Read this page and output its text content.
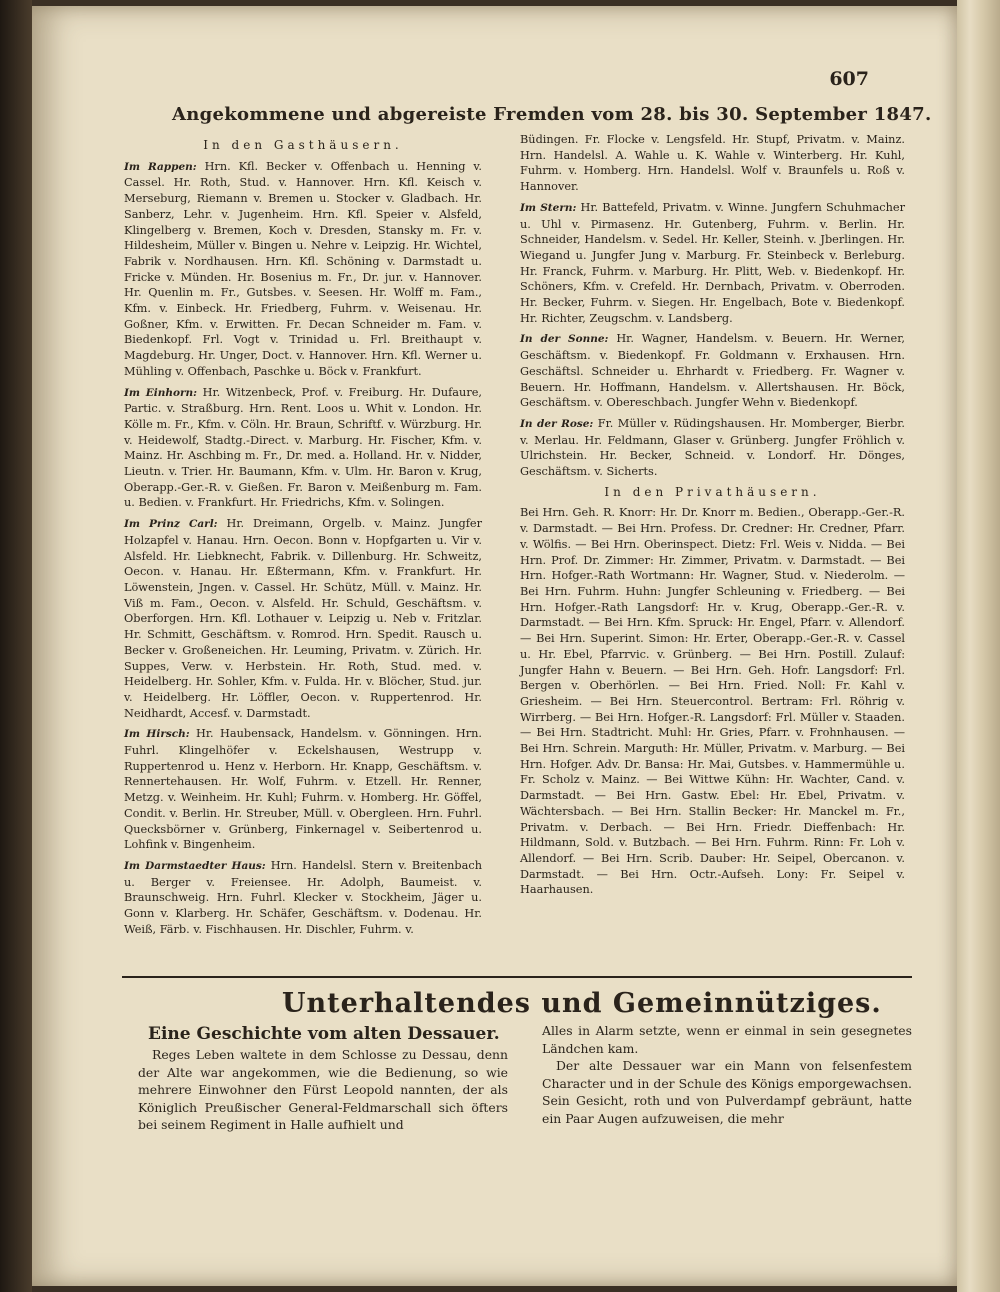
607
Angekommene und abgereiste Fremden vom 28. bis 30. September 1847.
In den Gasthäusern.
Im Rappen: Hrn. Kfl. Becker v. Offenbach u. Henning v. Cassel. Hr. Roth, Stud. v. Hannover. Hrn. Kfl. Keisch v. Merseburg, Riemann v. Bremen u. Stocker v. Gladbach. Hr. Sanberz, Lehr. v. Jugenheim. Hrn. Kfl. Speier v. Alsfeld, Klingelberg v. Bremen, Koch v. Dresden, Stansky m. Fr. v. Hildesheim, Müller v. Bingen u. Nehre v. Leipzig. Hr. Wichtel, Fabrik v. Nordhausen. Hrn. Kfl. Schöning v. Darmstadt u. Fricke v. Münden. Hr. Bosenius m. Fr., Dr. jur. v. Hannover. Hr. Quenlin m. Fr., Gutsbes. v. Seesen. Hr. Wolff m. Fam., Kfm. v. Einbeck. Hr. Friedberg, Fuhrm. v. Weisenau. Hr. Goßner, Kfm. v. Erwitten. Fr. Decan Schneider m. Fam. v. Biedenkopf. Frl. Vogt v. Trinidad u. Frl. Breithaupt v. Magdeburg. Hr. Unger, Doct. v. Hannover. Hrn. Kfl. Werner u. Mühling v. Offenbach, Paschke u. Böck v. Frankfurt.
Im Einhorn: Hr. Witzenbeck, Prof. v. Freiburg. Hr. Dufaure, Partic. v. Straßburg. Hrn. Rent. Loos u. Whit v. London. Hr. Kölle m. Fr., Kfm. v. Cöln. Hr. Braun, Schriftf. v. Würzburg. Hr. v. Heidewolf, Stadtg.-Direct. v. Marburg. Hr. Fischer, Kfm. v. Mainz. Hr. Aschbing m. Fr., Dr. med. a. Holland. Hr. v. Nidder, Lieutn. v. Trier. Hr. Baumann, Kfm. v. Ulm. Hr. Baron v. Krug, Oberapp.-Ger.-R. v. Gießen. Fr. Baron v. Meißenburg m. Fam. u. Bedien. v. Frankfurt. Hr. Friedrichs, Kfm. v. Solingen.
Im Prinz Carl: Hr. Dreimann, Orgelb. v. Mainz. Jungfer Holzapfel v. Hanau. Hrn. Oecon. Bonn v. Hopfgarten u. Vir v. Alsfeld. Hr. Liebknecht, Fabrik. v. Dillenburg. Hr. Schweitz, Oecon. v. Hanau. Hr. Eßtermann, Kfm. v. Frankfurt. Hr. Löwenstein, Jngen. v. Cassel. Hr. Schütz, Müll. v. Mainz. Hr. Viß m. Fam., Oecon. v. Alsfeld. Hr. Schuld, Geschäftsm. v. Oberforgen. Hrn. Kfl. Lothauer v. Leipzig u. Neb v. Fritzlar. Hr. Schmitt, Geschäftsm. v. Romrod. Hrn. Spedit. Rausch u. Becker v. Großeneichen. Hr. Leuming, Privatm. v. Zürich. Hr. Suppes, Verw. v. Herbstein. Hr. Roth, Stud. med. v. Heidelberg. Hr. Sohler, Kfm. v. Fulda. Hr. v. Blöcher, Stud. jur. v. Heidelberg. Hr. Löffler, Oecon. v. Ruppertenrod. Hr. Neidhardt, Accesf. v. Darmstadt.
Im Hirsch: Hr. Haubensack, Handelsm. v. Gönningen. Hrn. Fuhrl. Klingelhöfer v. Eckelshausen, Westrupp v. Ruppertenrod u. Henz v. Herborn. Hr. Knapp, Geschäftsm. v. Rennertehausen. Hr. Wolf, Fuhrm. v. Etzell. Hr. Renner, Metzg. v. Weinheim. Hr. Kuhl; Fuhrm. v. Homberg. Hr. Göffel, Condit. v. Berlin. Hr. Streuber, Müll. v. Obergleen. Hrn. Fuhrl. Quecksbörner v. Grünberg, Finkernagel v. Seibertenrod u. Lohfink v. Bingenheim.
Im Darmstaedter Haus: Hrn. Handelsl. Stern v. Breitenbach u. Berger v. Freiensee. Hr. Adolph, Baumeist. v. Braunschweig. Hrn. Fuhrl. Klecker v. Stockheim, Jäger u. Gonn v. Klarberg. Hr. Schäfer, Geschäftsm. v. Dodenau. Hr. Weiß, Färb. v. Fischhausen. Hr. Dischler, Fuhrm. v.
Büdingen. Fr. Flocke v. Lengsfeld. Hr. Stupf, Privatm. v. Mainz. Hrn. Handelsl. A. Wahle u. K. Wahle v. Winterberg. Hr. Kuhl, Fuhrm. v. Homberg. Hrn. Handelsl. Wolf v. Braunfels u. Roß v. Hannover.
Im Stern: Hr. Battefeld, Privatm. v. Winne. Jungfern Schuhmacher u. Uhl v. Pirmasenz. Hr. Gutenberg, Fuhrm. v. Berlin. Hr. Schneider, Handelsm. v. Sedel. Hr. Keller, Steinh. v. Jberlingen. Hr. Wiegand u. Jungfer Jung v. Marburg. Fr. Steinbeck v. Berleburg. Hr. Franck, Fuhrm. v. Marburg. Hr. Plitt, Web. v. Biedenkopf. Hr. Schöners, Kfm. v. Crefeld. Hr. Dernbach, Privatm. v. Oberroden. Hr. Becker, Fuhrm. v. Siegen. Hr. Engelbach, Bote v. Biedenkopf. Hr. Richter, Zeugschm. v. Landsberg.
In der Sonne: Hr. Wagner, Handelsm. v. Beuern. Hr. Werner, Geschäftsm. v. Biedenkopf. Fr. Goldmann v. Erxhausen. Hrn. Geschäftsl. Schneider u. Ehrhardt v. Friedberg. Fr. Wagner v. Beuern. Hr. Hoffmann, Handelsm. v. Allertshausen. Hr. Böck, Geschäftsm. v. Obereschbach. Jungfer Wehn v. Biedenkopf.
In der Rose: Fr. Müller v. Rüdingshausen. Hr. Momberger, Bierbr. v. Merlau. Hr. Feldmann, Glaser v. Grünberg. Jungfer Fröhlich v. Ulrichstein. Hr. Becker, Schneid. v. Londorf. Hr. Dönges, Geschäftsm. v. Sicherts.
In den Privathäusern.
Bei Hrn. Geh. R. Knorr: Hr. Dr. Knorr m. Bedien., Oberapp.-Ger.-R. v. Darmstadt. — Bei Hrn. Profess. Dr. Credner: Hr. Credner, Pfarr. v. Wölfis. — Bei Hrn. Oberinspect. Dietz: Frl. Weis v. Nidda. — Bei Hrn. Prof. Dr. Zimmer: Hr. Zimmer, Privatm. v. Darmstadt. — Bei Hrn. Hofger.-Rath Wortmann: Hr. Wagner, Stud. v. Niederolm. — Bei Hrn. Fuhrm. Huhn: Jungfer Schleuning v. Friedberg. — Bei Hrn. Hofger.-Rath Langsdorf: Hr. v. Krug, Oberapp.-Ger.-R. v. Darmstadt. — Bei Hrn. Kfm. Spruck: Hr. Engel, Pfarr. v. Allendorf. — Bei Hrn. Superint. Simon: Hr. Erter, Oberapp.-Ger.-R. v. Cassel u. Hr. Ebel, Pfarrvic. v. Grünberg. — Bei Hrn. Postill. Zulauf: Jungfer Hahn v. Beuern. — Bei Hrn. Geh. Hofr. Langsdorf: Frl. Bergen v. Oberhörlen. — Bei Hrn. Fried. Noll: Fr. Kahl v. Griesheim. — Bei Hrn. Steuercontrol. Bertram: Frl. Röhrig v. Wirrberg. — Bei Hrn. Hofger.-R. Langsdorf: Frl. Müller v. Staaden. — Bei Hrn. Stadtricht. Muhl: Hr. Gries, Pfarr. v. Frohnhausen. — Bei Hrn. Schrein. Marguth: Hr. Müller, Privatm. v. Marburg. — Bei Hrn. Hofger. Adv. Dr. Bansa: Hr. Mai, Gutsbes. v. Hammermühle u. Fr. Scholz v. Mainz. — Bei Wittwe Kühn: Hr. Wachter, Cand. v. Darmstadt. — Bei Hrn. Gastw. Ebel: Hr. Ebel, Privatm. v. Wächtersbach. — Bei Hrn. Stallin Becker: Hr. Manckel m. Fr., Privatm. v. Derbach. — Bei Hrn. Friedr. Dieffenbach: Hr. Hildmann, Sold. v. Butzbach. — Bei Hrn. Fuhrm. Rinn: Fr. Loh v. Allendorf. — Bei Hrn. Scrib. Dauber: Hr. Seipel, Obercanon. v. Darmstadt. — Bei Hrn. Octr.-Aufseh. Lony: Fr. Seipel v. Haarhausen.
Unterhaltendes und Gemeinnütziges.
Eine Geschichte vom alten Dessauer.

Reges Leben waltete in dem Schlosse zu Dessau, denn der Alte war angekommen, wie die Bedienung, so wie mehrere Einwohner den Fürst Leopold nannten, der als Königlich Preußischer General-Feldmarschall sich öfters bei seinem Regiment in Halle aufhielt und

Alles in Alarm setzte, wenn er einmal in sein gesegnetes Ländchen kam.

Der alte Dessauer war ein Mann von felsenfestem Character und in der Schule des Königs emporgewachsen. Sein Gesicht, roth und von Pulverdampf gebräunt, hatte ein Paar Augen aufzuweisen, die mehr
